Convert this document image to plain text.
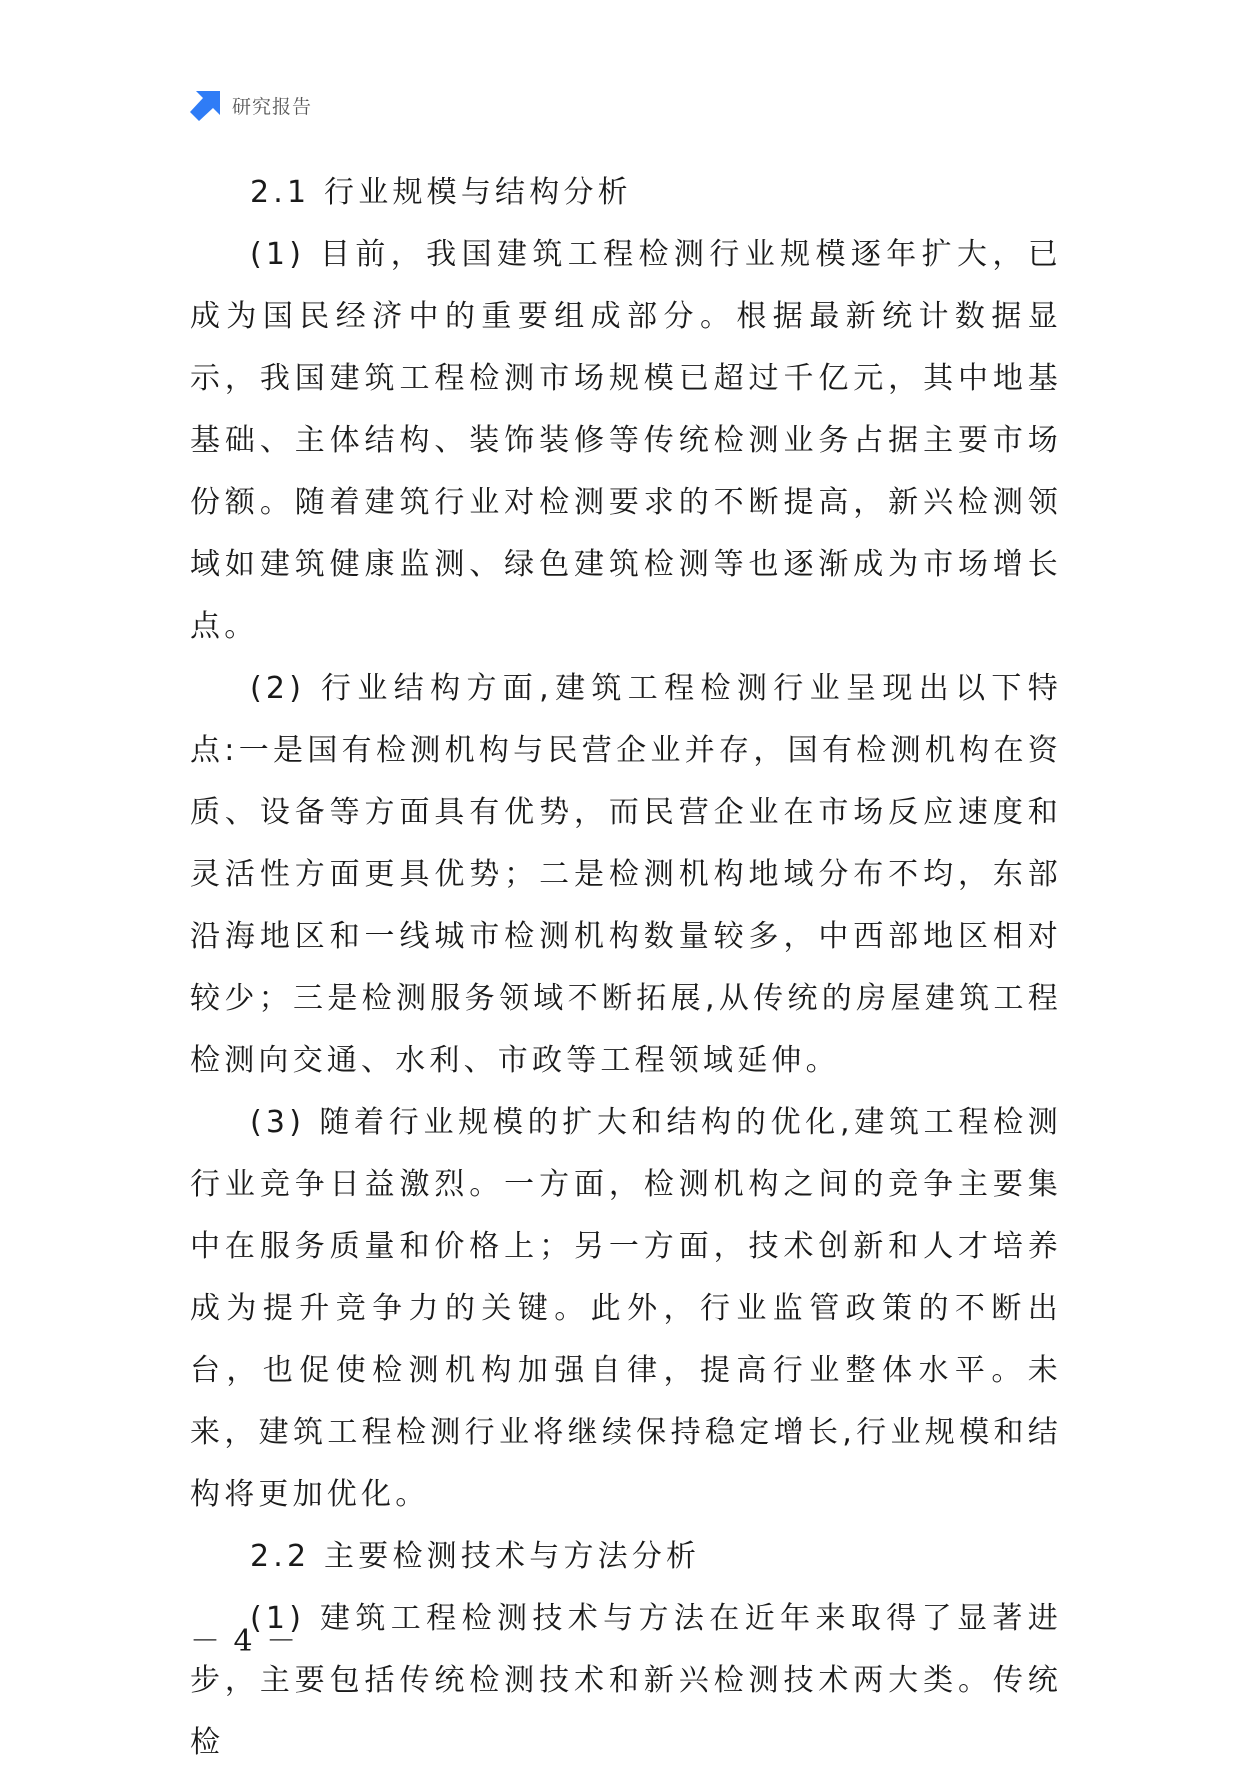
研究报告

2.1 行业规模与结构分析

(1) 目前，我国建筑工程检测行业规模逐年扩大，已成为国民经济中的重要组成部分。根据最新统计数据显示，我国建筑工程检测市场规模已超过千亿元，其中地基基础、主体结构、装饰装修等传统检测业务占据主要市场份额。随着建筑行业对检测要求的不断提高，新兴检测领域如建筑健康监测、绿色建筑检测等也逐渐成为市场增长点。

(2) 行业结构方面,建筑工程检测行业呈现出以下特点:一是国有检测机构与民营企业并存，国有检测机构在资质、设备等方面具有优势，而民营企业在市场反应速度和灵活性方面更具优势；二是检测机构地域分布不均，东部沿海地区和一线城市检测机构数量较多，中西部地区相对较少；三是检测服务领域不断拓展,从传统的房屋建筑工程检测向交通、水利、市政等工程领域延伸。

(3) 随着行业规模的扩大和结构的优化,建筑工程检测行业竞争日益激烈。一方面，检测机构之间的竞争主要集中在服务质量和价格上；另一方面，技术创新和人才培养成为提升竞争力的关键。此外，行业监管政策的不断出台，也促使检测机构加强自律，提高行业整体水平。未来，建筑工程检测行业将继续保持稳定增长,行业规模和结构将更加优化。

2.2 主要检测技术与方法分析

(1) 建筑工程检测技术与方法在近年来取得了显著进步，主要包括传统检测技术和新兴检测技术两大类。传统检

－ 4 －
